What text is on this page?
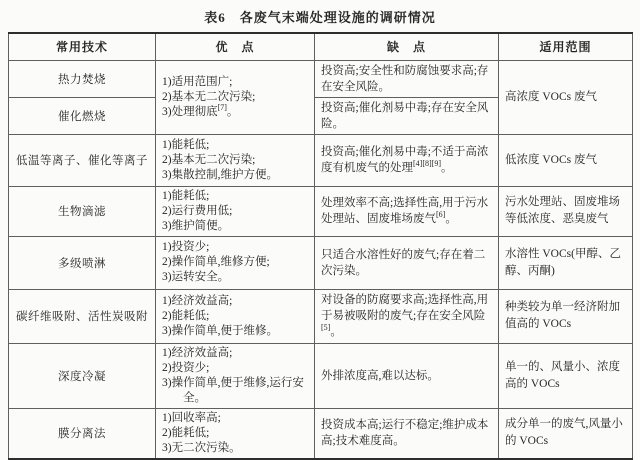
表6　各废气末端处理设施的调研情况
常用技术	优　点	缺　点	适用范围
热力焚烧	1)适用范围广;
2)基本无二次污染;
3)处理彻底[7]。	投资高;安全性和防腐蚀要求高;存在安全风险。	高浓度 VOCs 废气
催化燃烧		投资高;催化剂易中毒;存在安全风险。	
低温等离子、催化等离子	1)能耗低;
2)基本无二次污染;
3)集散控制,维护方便。	投资高;催化剂易中毒;不适于高浓度有机废气的处理[4][8][9]。	低浓度 VOCs 废气
生物滴滤	1)能耗低;
2)运行费用低;
3)维护简便。	处理效率不高;选择性高,用于污水处理站、固废堆场废气[6]。	污水处理站、固废堆场等低浓度、恶臭废气
多级喷淋	1)投资少;
2)操作简单,维修方便;
3)运转安全。	只适合水溶性好的废气;存在着二次污染。	水溶性 VOCs(甲醇、乙醇、丙酮)
碳纤维吸附、活性炭吸附	1)经济效益高;
2)能耗低;
3)操作简单,便于维修。	对设备的防腐要求高;选择性高,用于易被吸附的废气;存在安全风险[5]。	种类较为单一经济附加值高的 VOCs
深度冷凝	1)经济效益高;
2)投资少;
3)操作简单,便于维修,运行安全。	外排浓度高,难以达标。	单一的、风量小、浓度高的 VOCs
膜分离法	1)回收率高;
2)能耗低;
3)无二次污染。	投资成本高;运行不稳定;维护成本高;技术难度高。	成分单一的废气,风量小的 VOCs
